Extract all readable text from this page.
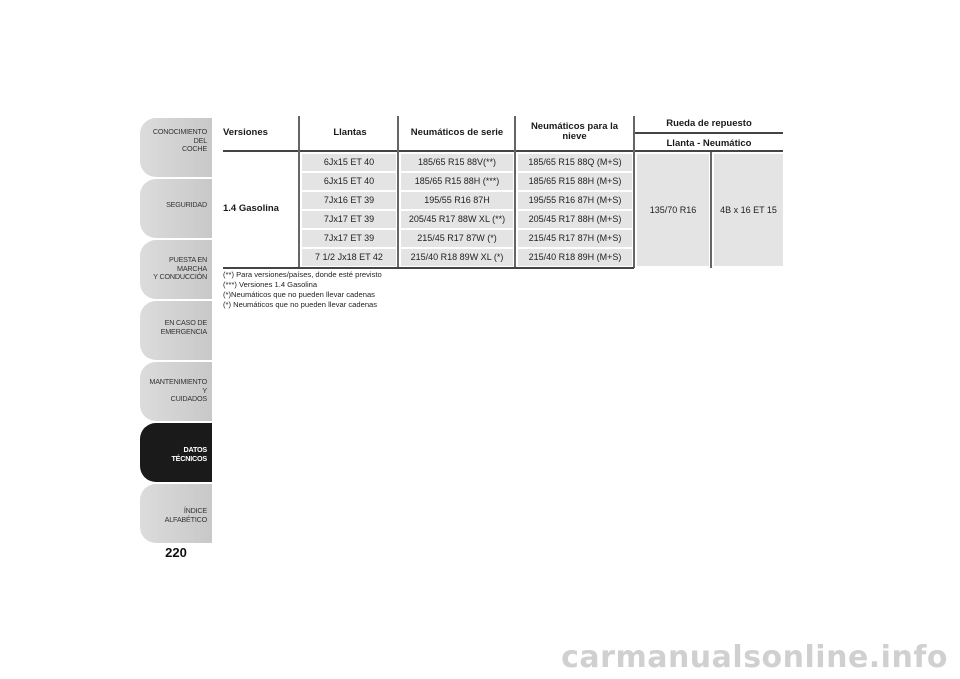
CONOCIMIENTO DEL
COCHE
SEGURIDAD
PUESTA EN MARCHA
Y CONDUCCIÓN
EN CASO DE
EMERGENCIA
MANTENIMIENTO Y
CUIDADOS
DATOS TÉCNICOS
ÍNDICE ALFABÉTICO
220
Versiones	Llantas	Neumáticos de serie
Neumáticos para la
nieve
Rueda de repuesto
Llanta - Neumático
1.4 Gasolina
6Jx15 ET 40	185/65 R15 88V(**)	185/65 R15 88Q (M+S)
6Jx15 ET 40	185/65 R15 88H (***)	185/65 R15 88H (M+S)
7Jx16 ET 39	195/55 R16 87H	195/55 R16 87H (M+S)
7Jx17 ET 39	205/45 R17 88W XL (**)	205/45 R17 88H (M+S)
7Jx17 ET 39	215/45 R17 87W (*)	215/45 R17 87H (M+S)
7 1/2 Jx18 ET 42	215/40 R18 89W XL (*)	215/40 R18 89H (M+S)
135/70 R16	4B x 16 ET 15
(**) Para versiones/países, donde esté previsto
(***) Versiones 1.4 Gasolina
(*)Neumáticos que no pueden llevar cadenas
(*) Neumáticos que no pueden llevar cadenas
carmanualsonline.info
